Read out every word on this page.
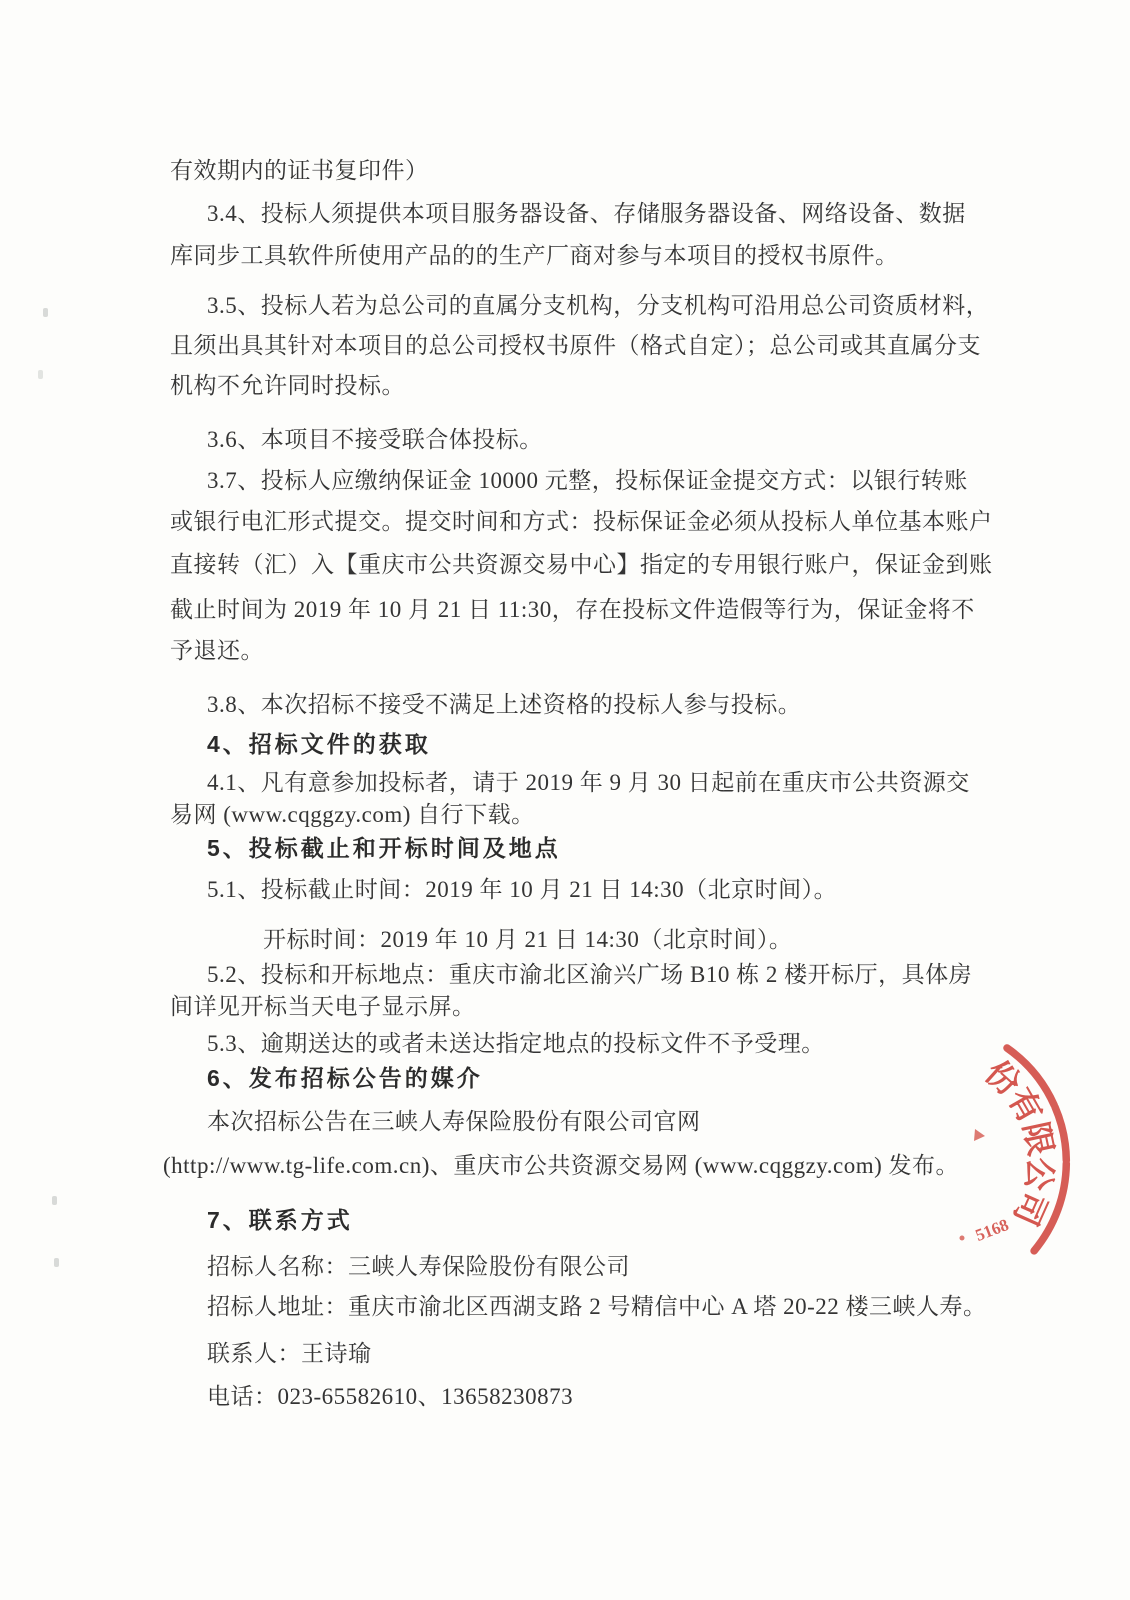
有效期内的证书复印件）
3.4、投标人须提供本项目服务器设备、存储服务器设备、网络设备、数据
库同步工具软件所使用产品的的生产厂商对参与本项目的授权书原件。
3.5、投标人若为总公司的直属分支机构，分支机构可沿用总公司资质材料，
且须出具其针对本项目的总公司授权书原件（格式自定）；总公司或其直属分支
机构不允许同时投标。
3.6、本项目不接受联合体投标。
3.7、投标人应缴纳保证金 10000 元整，投标保证金提交方式：以银行转账
或银行电汇形式提交。提交时间和方式：投标保证金必须从投标人单位基本账户
直接转（汇）入【重庆市公共资源交易中心】指定的专用银行账户，保证金到账
截止时间为 2019 年 10 月 21 日 11:30，存在投标文件造假等行为，保证金将不
予退还。
3.8、本次招标不接受不满足上述资格的投标人参与投标。
4、招标文件的获取
4.1、凡有意参加投标者，请于 2019 年 9 月 30 日起前在重庆市公共资源交
易网 (www.cqggzy.com) 自行下载。
5、投标截止和开标时间及地点
5.1、投标截止时间：2019 年 10 月 21 日 14:30（北京时间）。
开标时间：2019 年 10 月 21 日 14:30（北京时间）。
5.2、投标和开标地点：重庆市渝北区渝兴广场 B10 栋 2 楼开标厅，具体房
间详见开标当天电子显示屏。
5.3、逾期送达的或者未送达指定地点的投标文件不予受理。
6、发布招标公告的媒介
本次招标公告在三峡人寿保险股份有限公司官网
(http://www.tg-life.com.cn)、重庆市公共资源交易网 (www.cqggzy.com) 发布。
7、联系方式
招标人名称：三峡人寿保险股份有限公司
招标人地址：重庆市渝北区西湖支路 2 号精信中心 A 塔 20-22 楼三峡人寿。
联系人：王诗瑜
电话：023-65582610、13658230873
份
有
限
公
司
5168
